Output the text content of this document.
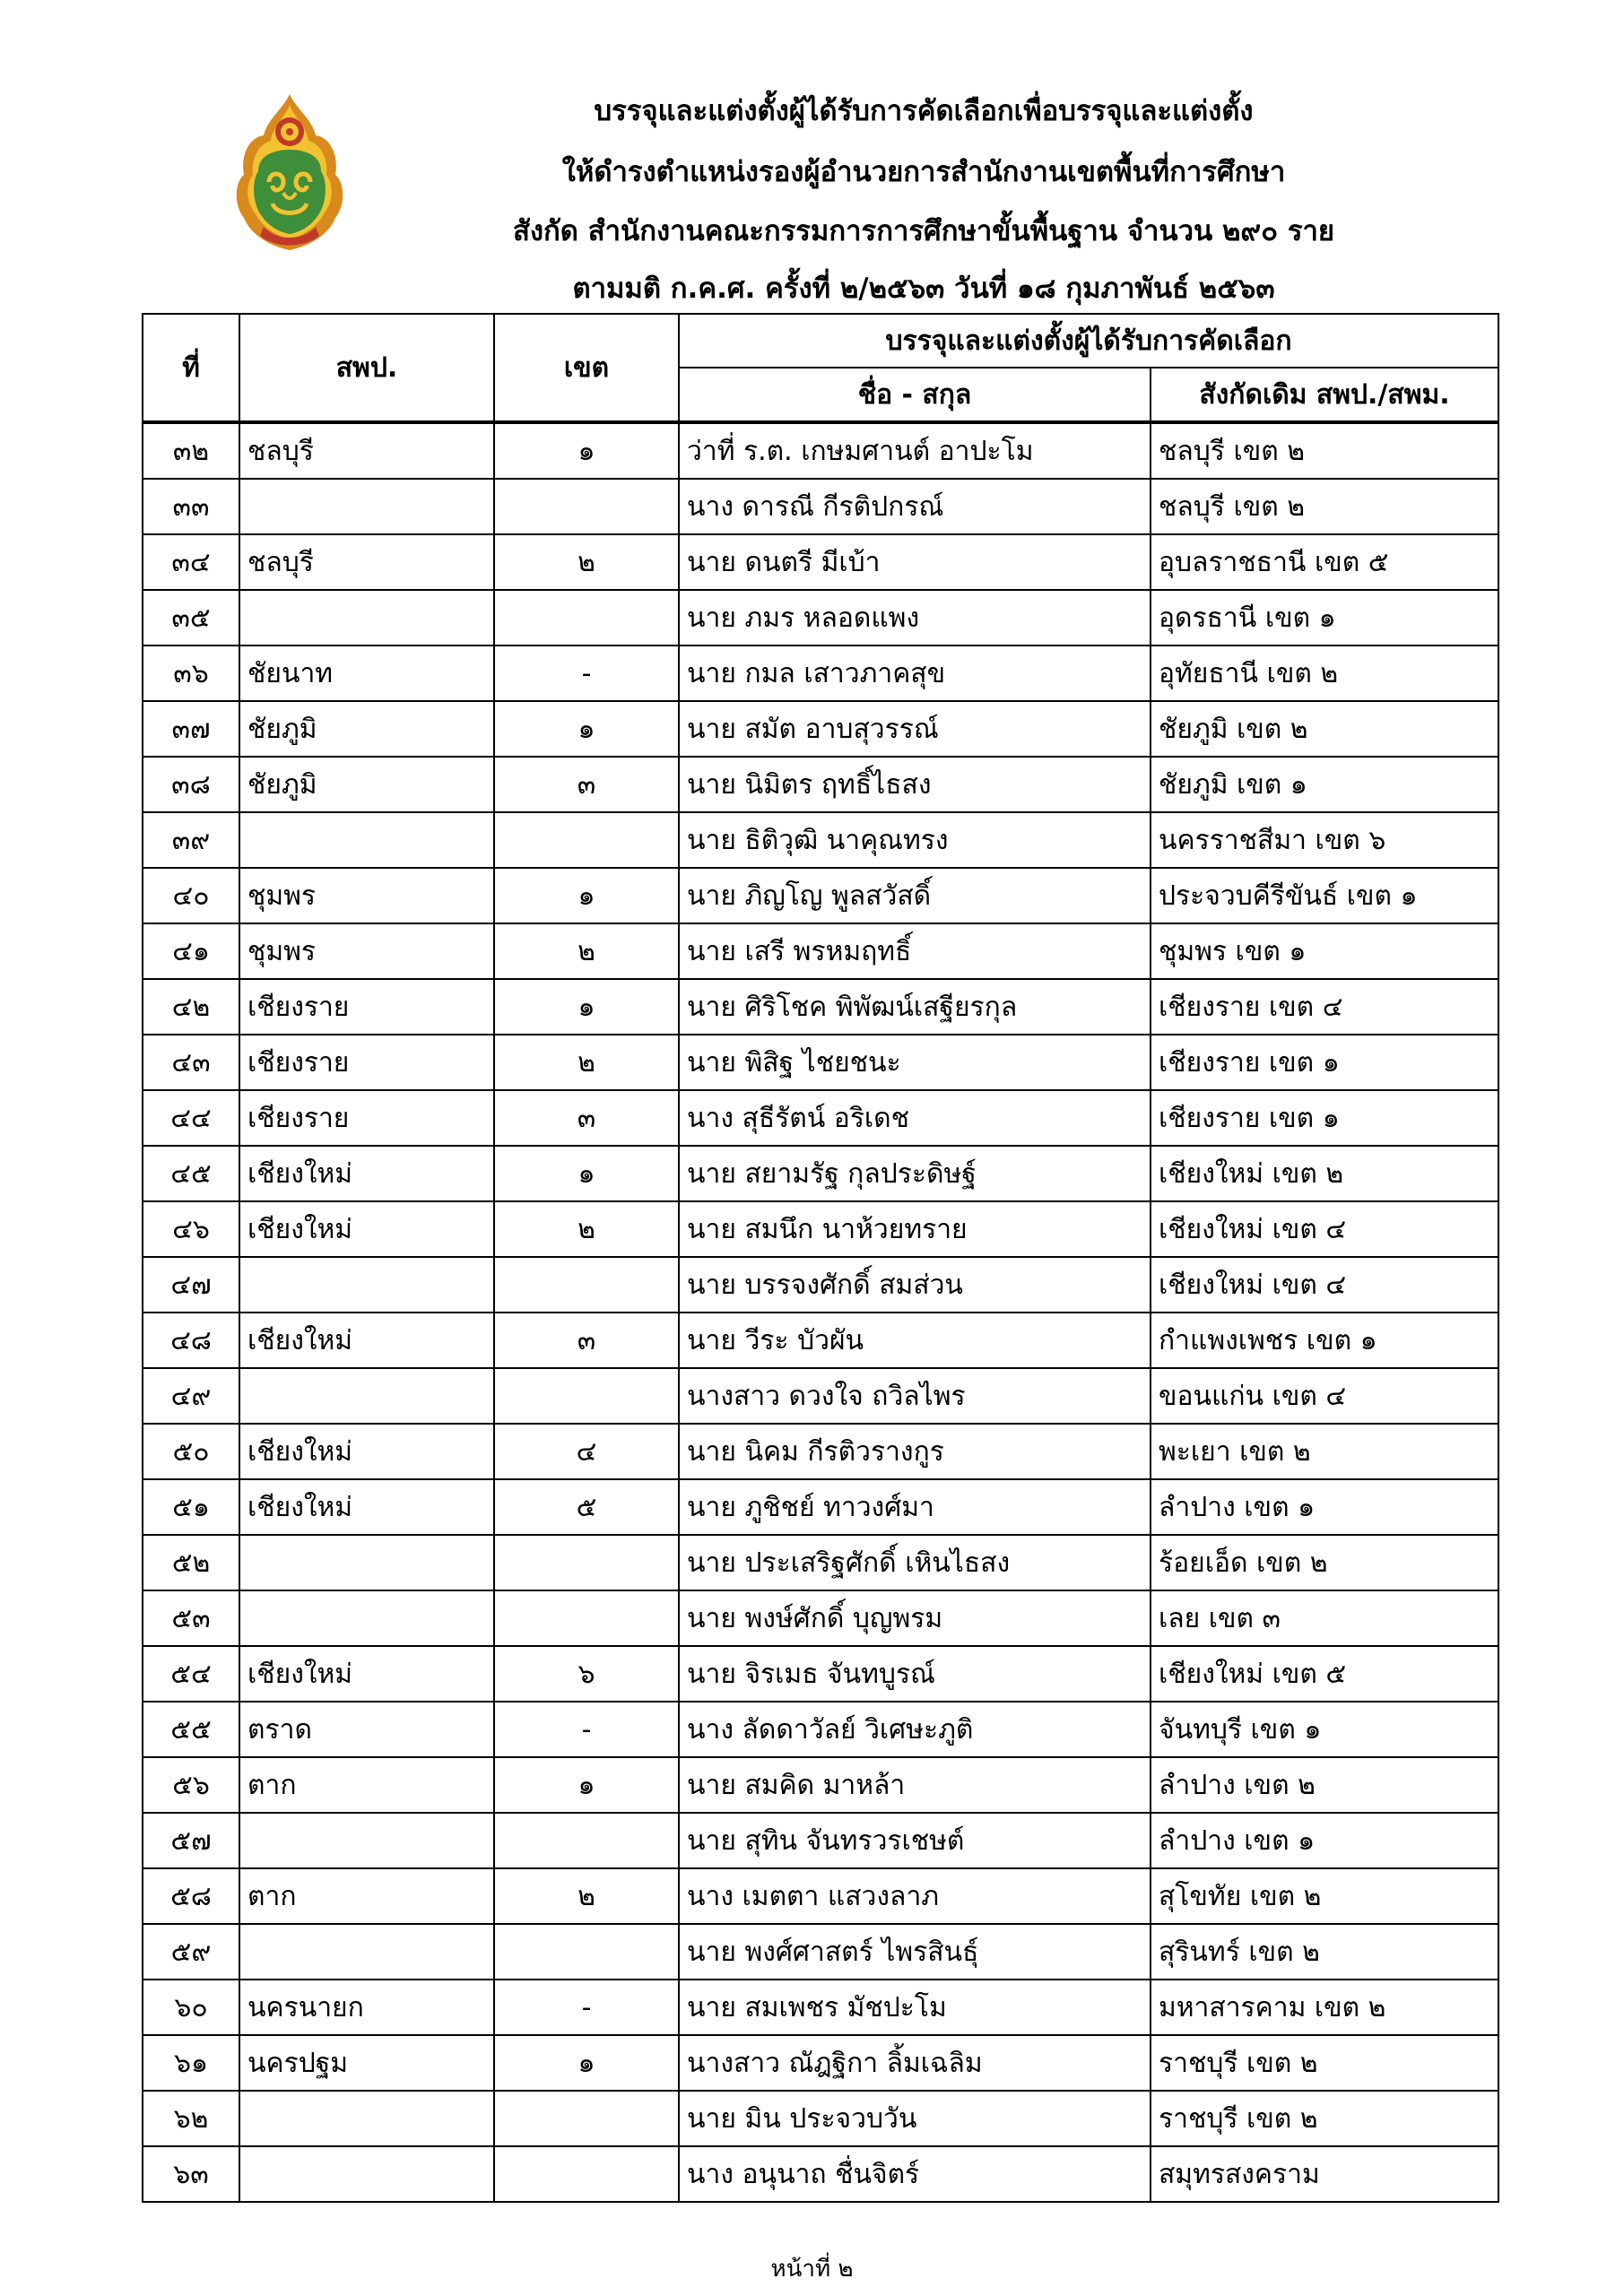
บรรจุและแต่งตั้งผู้ได้รับการคัดเลือกเพื่อบรรจุและแต่งตั้ง
ให้ดำรงตำแหน่งรองผู้อำนวยการสำนักงานเขตพื้นที่การศึกษา
สังกัด สำนักงานคณะกรรมการการศึกษาขั้นพื้นฐาน จำนวน ๒๙๐ ราย
ตามมติ ก.ค.ศ. ครั้งที่ ๒/๒๕๖๓ วันที่ ๑๘ กุมภาพันธ์ ๒๕๖๓
ที่	สพป.	เขต	บรรจุและแต่งตั้งผู้ได้รับการคัดเลือก	
			ชื่อ - สกุล	สังกัดเดิม สพป./สพม.
๓๒	ชลบุรี	๑	ว่าที่ ร.ต. เกษมศานต์ อาปะโม	ชลบุรี เขต ๒
๓๓			นาง ดารณี กีรติปกรณ์	ชลบุรี เขต ๒
๓๔	ชลบุรี	๒	นาย ดนตรี มีเบ้า	อุบลราชธานี เขต ๕
๓๕			นาย ภมร หลอดแพง	อุดรธานี เขต ๑
๓๖	ชัยนาท	-	นาย กมล เสาวภาคสุข	อุทัยธานี เขต ๒
๓๗	ชัยภูมิ	๑	นาย สมัต อาบสุวรรณ์	ชัยภูมิ เขต ๒
๓๘	ชัยภูมิ	๓	นาย นิมิตร ฤทธิ์ไธสง	ชัยภูมิ เขต ๑
๓๙			นาย ธิติวุฒิ นาคุณทรง	นครราชสีมา เขต ๖
๔๐	ชุมพร	๑	นาย ภิญโญ พูลสวัสดิ์	ประจวบคีรีขันธ์ เขต ๑
๔๑	ชุมพร	๒	นาย เสรี พรหมฤทธิ์	ชุมพร เขต ๑
๔๒	เชียงราย	๑	นาย ศิริโชค พิพัฒน์เสฐียรกุล	เชียงราย เขต ๔
๔๓	เชียงราย	๒	นาย พิสิฐ ไชยชนะ	เชียงราย เขต ๑
๔๔	เชียงราย	๓	นาง สุธีรัตน์ อริเดช	เชียงราย เขต ๑
๔๕	เชียงใหม่	๑	นาย สยามรัฐ กุลประดิษฐ์	เชียงใหม่ เขต ๒
๔๖	เชียงใหม่	๒	นาย สมนึก นาห้วยทราย	เชียงใหม่ เขต ๔
๔๗			นาย บรรจงศักดิ์ สมส่วน	เชียงใหม่ เขต ๔
๔๘	เชียงใหม่	๓	นาย วีระ บัวผัน	กำแพงเพชร เขต ๑
๔๙			นางสาว ดวงใจ ถวิลไพร	ขอนแก่น เขต ๔
๕๐	เชียงใหม่	๔	นาย นิคม กีรติวรางกูร	พะเยา เขต ๒
๕๑	เชียงใหม่	๕	นาย ภูชิชย์ ทาวงศ์มา	ลำปาง เขต ๑
๕๒			นาย ประเสริฐศักดิ์ เหินไธสง	ร้อยเอ็ด เขต ๒
๕๓			นาย พงษ์ศักดิ์ บุญพรม	เลย เขต ๓
๕๔	เชียงใหม่	๖	นาย จิรเมธ จันทบูรณ์	เชียงใหม่ เขต ๕
๕๕	ตราด	-	นาง ลัดดาวัลย์ วิเศษะภูติ	จันทบุรี เขต ๑
๕๖	ตาก	๑	นาย สมคิด มาหล้า	ลำปาง เขต ๒
๕๗			นาย สุทิน จันทรวรเชษต์	ลำปาง เขต ๑
๕๘	ตาก	๒	นาง เมตตา แสวงลาภ	สุโขทัย เขต ๒
๕๙			นาย พงศ์ศาสตร์ ไพรสินธุ์	สุรินทร์ เขต ๒
๖๐	นครนายก	-	นาย สมเพชร มัชปะโม	มหาสารคาม เขต ๒
๖๑	นครปฐม	๑	นางสาว ณัฎฐิกา ลิ้มเฉลิม	ราชบุรี เขต ๒
๖๒			นาย มิน ประจวบวัน	ราชบุรี เขต ๒
๖๓			นาง อนุนาถ ชื่นจิตร์	สมุทรสงคราม
หน้าที่ ๒
